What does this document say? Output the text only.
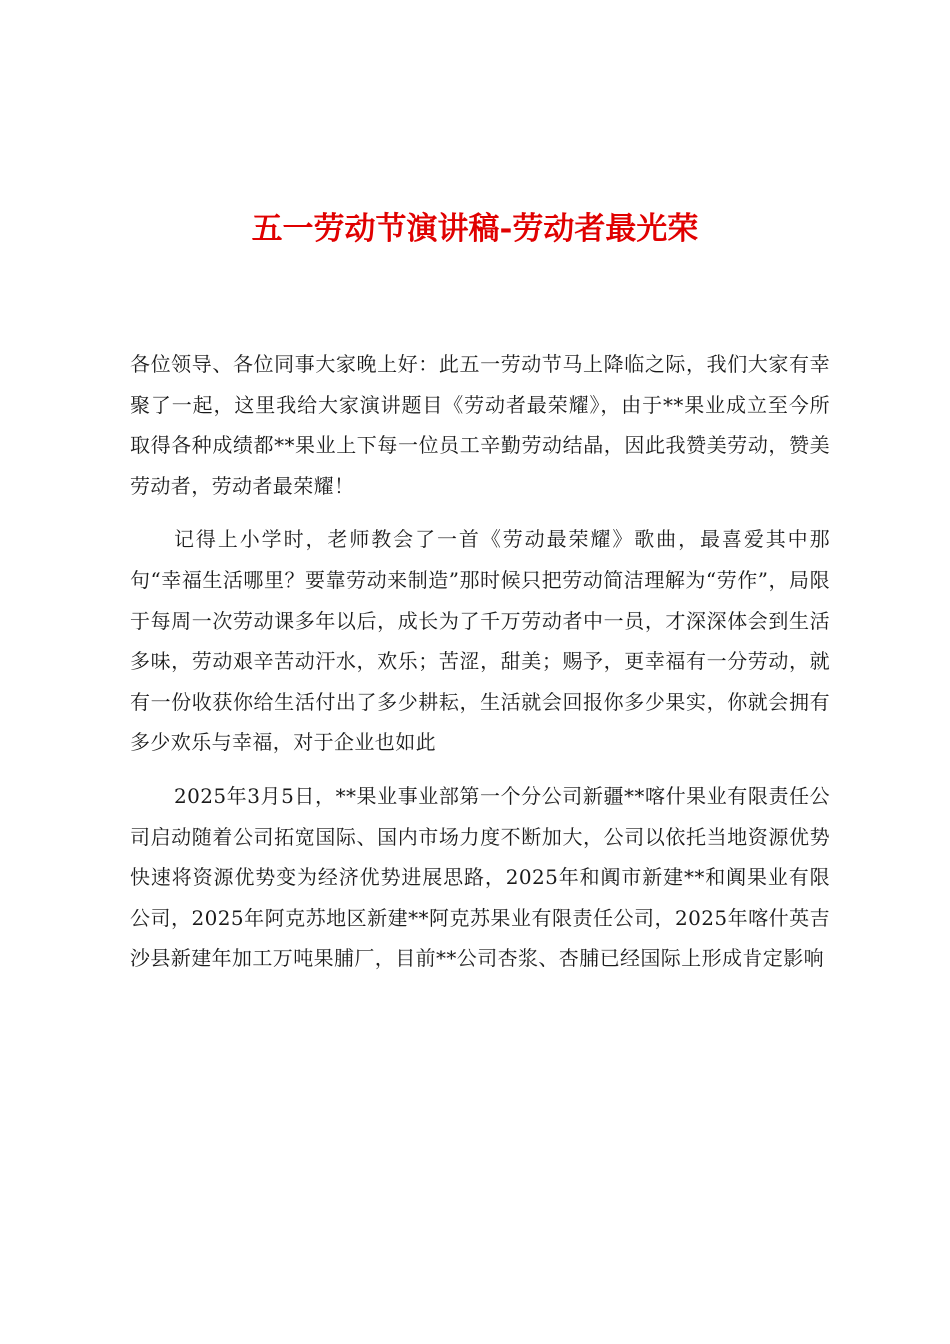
五一劳动节演讲稿-劳动者最光荣

各位领导、各位同事大家晚上好：此五一劳动节马上降临之际，我们大家有幸聚了一起，这里我给大家演讲题目《劳动者最荣耀》，由于**果业成立至今所取得各种成绩都**果业上下每一位员工辛勤劳动结晶，因此我赞美劳动，赞美劳动者，劳动者最荣耀！

记得上小学时，老师教会了一首《劳动最荣耀》歌曲，最喜爱其中那句“幸福生活哪里？要靠劳动来制造”那时候只把劳动简洁理解为“劳作”，局限于每周一次劳动课多年以后，成长为了千万劳动者中一员，才深深体会到生活多味，劳动艰辛苦动汗水，欢乐；苦涩，甜美；赐予，更幸福有一分劳动，就有一份收获你给生活付出了多少耕耘，生活就会回报你多少果实，你就会拥有多少欢乐与幸福，对于企业也如此

2025年3月5日，**果业事业部第一个分公司新疆**喀什果业有限责任公司启动随着公司拓宽国际、国内市场力度不断加大，公司以依托当地资源优势快速将资源优势变为经济优势进展思路，2025年和阗市新建**和阗果业有限公司，2025年阿克苏地区新建**阿克苏果业有限责任公司，2025年喀什英吉沙县新建年加工万吨果脯厂，目前**公司杏浆、杏脯已经国际上形成肯定影响
